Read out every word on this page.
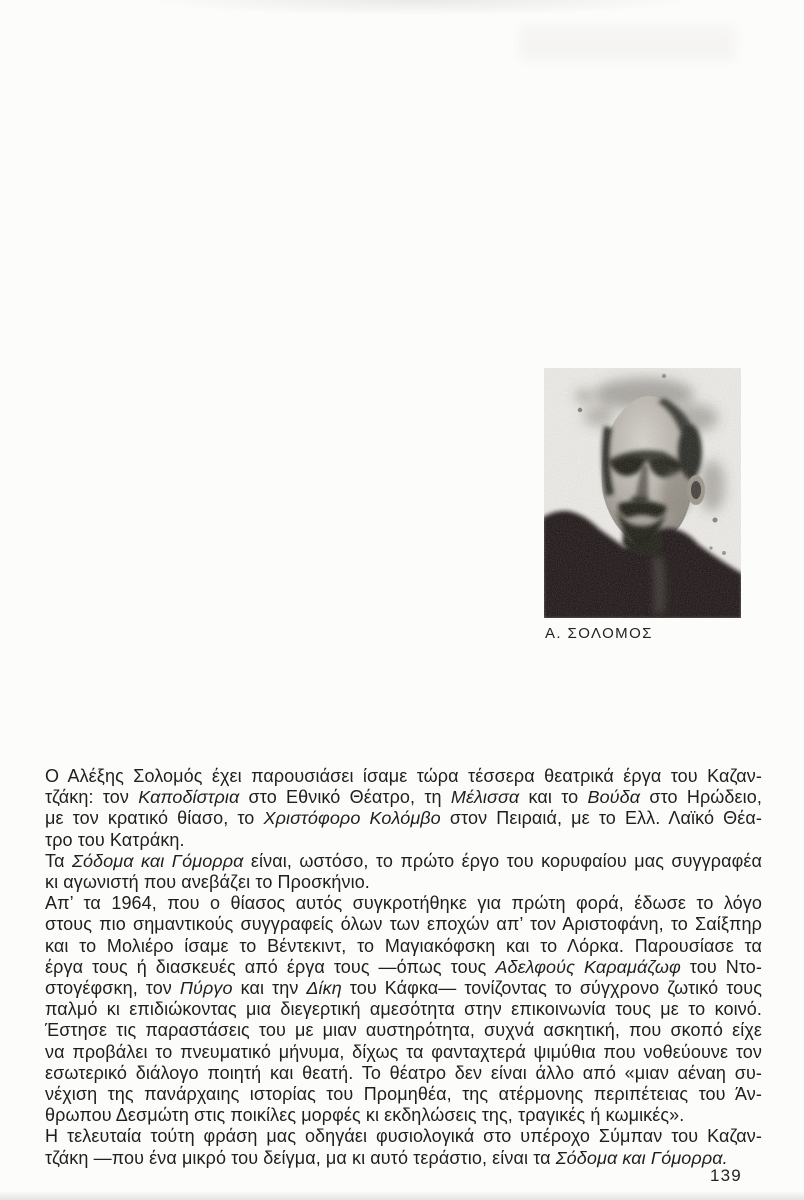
Α. ΣΟΛΟΜΟΣ
Ο Αλέξης Σολομός έχει παρουσιάσει ίσαμε τώρα τέσσερα θεατρικά έργα του Καζαν-
τζάκη: τον Καποδίστρια στο Εθνικό Θέατρο, τη Μέλισσα και το Βούδα στο Ηρώδειο,
με τον κρατικό θίασο, το Χριστόφορο Κολόμβο στον Πειραιά, με το Ελλ. Λαϊκό Θέα-
τρο του Κατράκη.
Τα Σόδομα και Γόμορρα είναι, ωστόσο, το πρώτο έργο του κορυφαίου μας συγγραφέα
κι αγωνιστή που ανεβάζει το Προσκήνιο.
Απ’ τα 1964, που ο θίασος αυτός συγκροτήθηκε για πρώτη φορά, έδωσε το λόγο
στους πιο σημαντικούς συγγραφείς όλων των εποχών απ’ τον Αριστοφάνη, το Σαίξπηρ
και το Μολιέρο ίσαμε το Βέντεκιντ, το Μαγιακόφσκη και το Λόρκα. Παρουσίασε τα
έργα τους ή διασκευές από έργα τους —όπως τους Αδελφούς Καραμάζωφ του Ντο-
στογέφσκη, τον Πύργο και την Δίκη του Κάφκα— τονίζοντας το σύγχρονο ζωτικό τους
παλμό κι επιδιώκοντας μια διεγερτική αμεσότητα στην επικοινωνία τους με το κοινό.
Έστησε τις παραστάσεις του με μιαν αυστηρότητα, συχνά ασκητική, που σκοπό είχε
να προβάλει το πνευματικό μήνυμα, δίχως τα φανταχτερά ψιμύθια που νοθεύουνε τον
εσωτερικό διάλογο ποιητή και θεατή. Το θέατρο δεν είναι άλλο από «μιαν αέναη συ-
νέχιση της πανάρχαιης ιστορίας του Προμηθέα, της ατέρμονης περιπέτειας του Άν-
θρωπου Δεσμώτη στις ποικίλες μορφές κι εκδηλώσεις της, τραγικές ή κωμικές».
Η τελευταία τούτη φράση μας οδηγάει φυσιολογικά στο υπέροχο Σύμπαν του Καζαν-
τζάκη —που ένα μικρό του δείγμα, μα κι αυτό τεράστιο, είναι τα Σόδομα και Γόμορρα.
139
